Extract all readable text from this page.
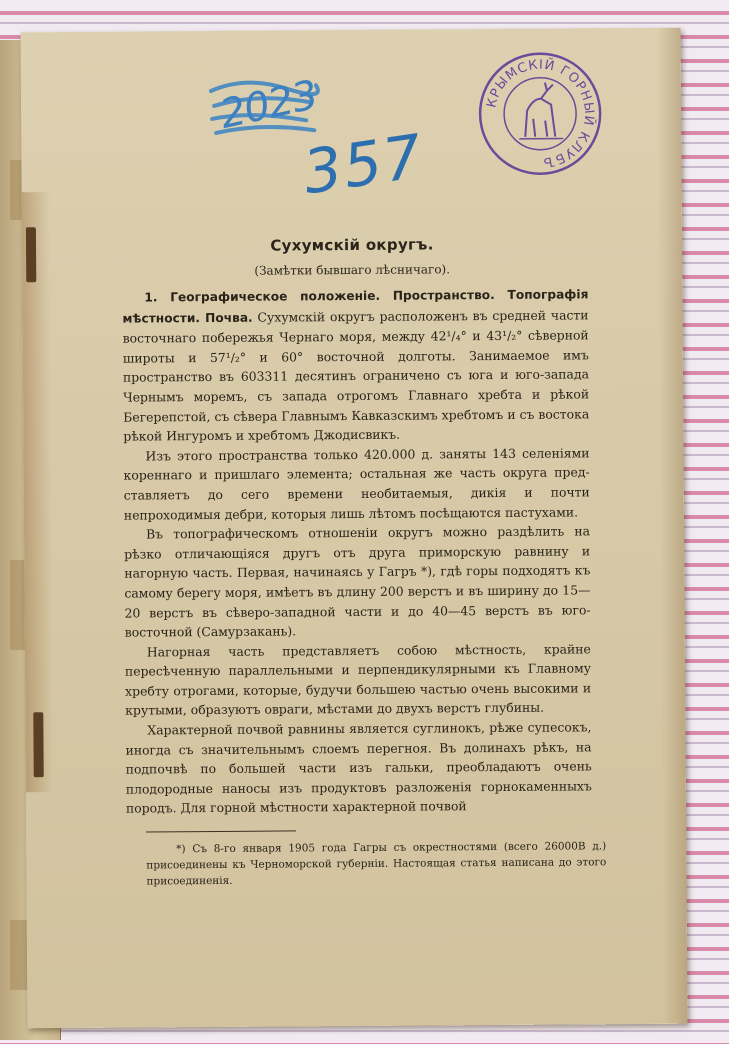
2023
357
КРЫМСКІЙ ГОРНЫЙ КЛУБЪ
Сухумскій округъ.
(Замѣтки бывшаго лѣсничаго).

1. Географическое положеніе. Пространство. Топографія мѣстности. Почва. Сухумскій округъ расположенъ въ средней части восточнаго побережья Чернаго моря, между 42¹/₄° и 43¹/₂° сѣверной широты и 57¹/₂° и 60° восточной долготы. Занимаемое имъ пространство въ 603311 десятинъ ограничено съ юга и юго-запада Чернымъ моремъ, съ запада отрогомъ Главнаго хребта и рѣкой Бегерепстой, съ сѣвера Главнымъ Кавказскимъ хребтомъ и съ востока рѣкой Ингуромъ и хребтомъ Джодисвикъ.

Изъ этого пространства только 420.000 д. заняты 143 селеніями кореннаго и пришлаго элемента; остальная же часть округа представляетъ до сего времени необитаемыя, дикія и почти непроходимыя дебри, которыя лишь лѣтомъ посѣщаются пастухами.

Въ топографическомъ отношеніи округъ можно раздѣлить на рѣзко отличающіяся другъ отъ друга приморскую равнину и нагорную часть. Первая, начинаясь у Гагръ *), гдѣ горы подходятъ къ самому берегу моря, имѣетъ въ длину 200 верстъ и въ ширину до 15—20 верстъ въ сѣверо-западной части и до 40—45 верстъ въ юго-восточной (Самурзакань).

Нагорная часть представляетъ собою мѣстность, крайне пересѣченную параллельными и перпендикулярными къ Главному хребту отрогами, которые, будучи большею частью очень высокими и крутыми, образуютъ овраги, мѣстами до двухъ верстъ глубины.

Характерной почвой равнины является суглинокъ, рѣже супесокъ, иногда съ значительнымъ слоемъ перегноя. Въ долинахъ рѣкъ, на подпочвѣ по большей части изъ гальки, преобладаютъ очень плодородные наносы изъ продуктовъ разложенія горнокаменныхъ породъ. Для горной мѣстности характерной почвой

*) Съ 8-го января 1905 года Гагры съ окрестностями (всего 26000В д.) присоединены къ Черноморской губерніи. Настоящая статья написана до этого присоединенія.
